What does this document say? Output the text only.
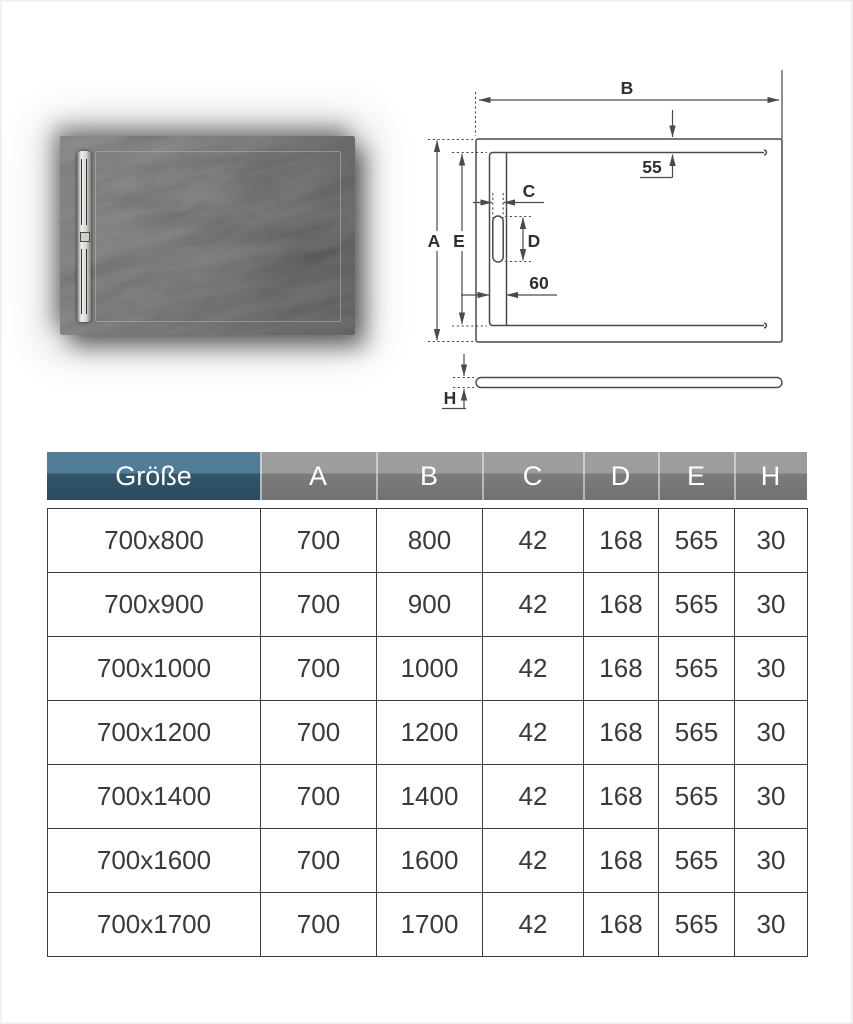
B
A E
C
D
60
55
H
Größe	A	B	C	D	E	H
700x800	700	800	42	168	565	30
700x900	700	900	42	168	565	30
700x1000	700	1000	42	168	565	30
700x1200	700	1200	42	168	565	30
700x1400	700	1400	42	168	565	30
700x1600	700	1600	42	168	565	30
700x1700	700	1700	42	168	565	30
